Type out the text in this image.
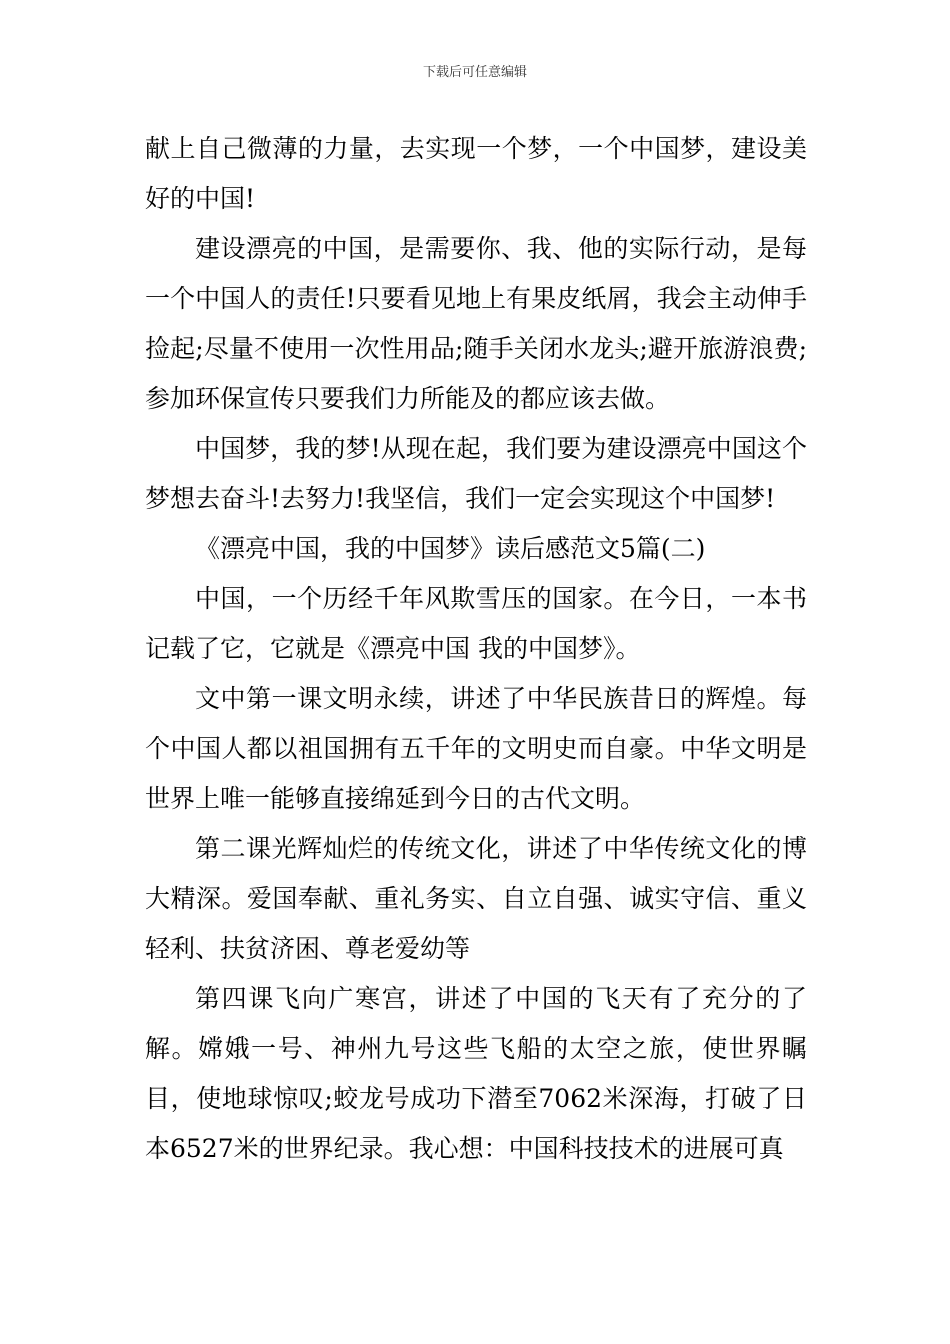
下载后可任意编辑

献上自己微薄的力量，去实现一个梦，一个中国梦，建设美好的中国!

建设漂亮的中国，是需要你、我、他的实际行动，是每一个中国人的责任!只要看见地上有果皮纸屑，我会主动伸手捡起;尽量不使用一次性用品;随手关闭水龙头;避开旅游浪费;参加环保宣传只要我们力所能及的都应该去做。

中国梦，我的梦!从现在起，我们要为建设漂亮中国这个梦想去奋斗!去努力!我坚信，我们一定会实现这个中国梦!

《漂亮中国，我的中国梦》读后感范文5篇(二)

中国，一个历经千年风欺雪压的国家。在今日，一本书记载了它，它就是《漂亮中国 我的中国梦》。

文中第一课文明永续，讲述了中华民族昔日的辉煌。每个中国人都以祖国拥有五千年的文明史而自豪。中华文明是世界上唯一能够直接绵延到今日的古代文明。

第二课光辉灿烂的传统文化，讲述了中华传统文化的博大精深。爱国奉献、重礼务实、自立自强、诚实守信、重义轻利、扶贫济困、尊老爱幼等

第四课飞向广寒宫，讲述了中国的飞天有了充分的了解。嫦娥一号、神州九号这些飞船的太空之旅，使世界瞩目，使地球惊叹;蛟龙号成功下潜至7062米深海，打破了日本6527米的世界纪录。我心想：中国科技技术的进展可真
